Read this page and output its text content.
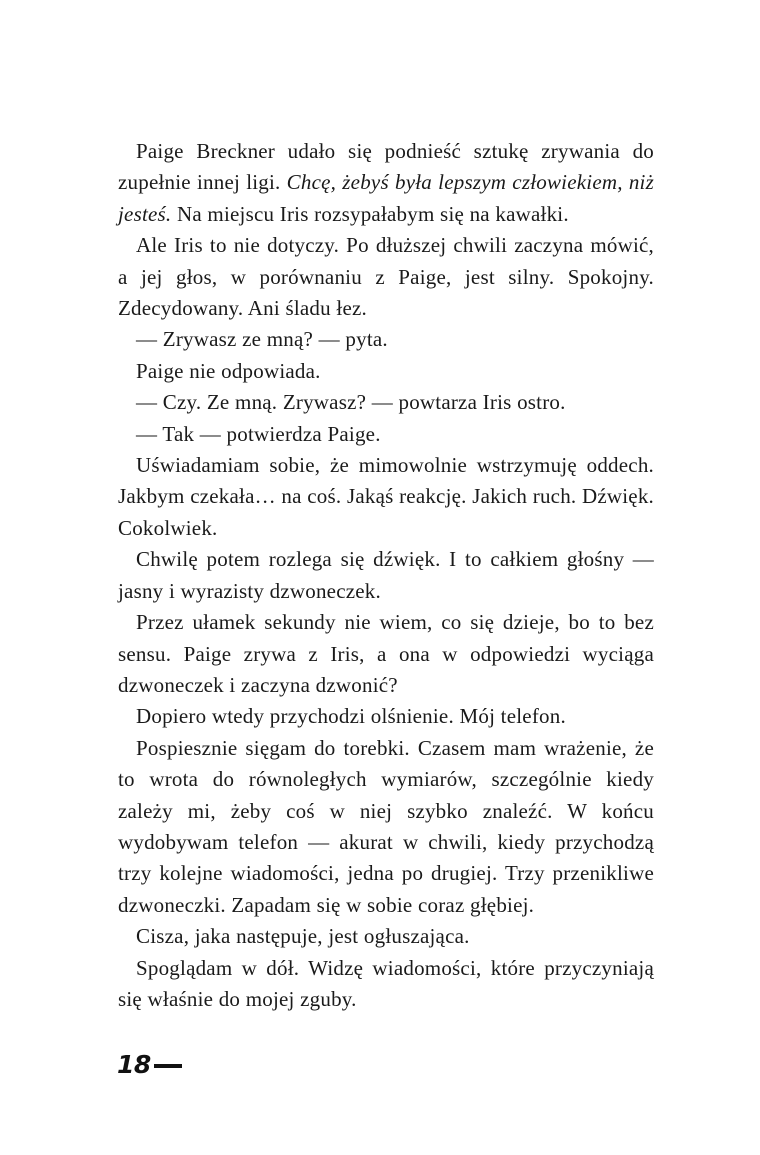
Paige Breckner udało się podnieść sztukę zrywania do zupełnie innej ligi. Chcę, żebyś była lepszym człowiekiem, niż jesteś. Na miejscu Iris rozsypałabym się na kawałki.

Ale Iris to nie dotyczy. Po dłuższej chwili zaczyna mówić, a jej głos, w porównaniu z Paige, jest silny. Spokojny. Zdecydowany. Ani śladu łez.

— Zrywasz ze mną? — pyta.

Paige nie odpowiada.

— Czy. Ze mną. Zrywasz? — powtarza Iris ostro.

— Tak — potwierdza Paige.

Uświadamiam sobie, że mimowolnie wstrzymuję oddech. Jakbym czekała… na coś. Jakąś reakcję. Jakich ruch. Dźwięk. Cokolwiek.

Chwilę potem rozlega się dźwięk. I to całkiem głośny — jasny i wyrazisty dzwoneczek.

Przez ułamek sekundy nie wiem, co się dzieje, bo to bez sensu. Paige zrywa z Iris, a ona w odpowiedzi wyciąga dzwoneczek i zaczyna dzwonić?

Dopiero wtedy przychodzi olśnienie. Mój telefon.

Pospiesznie sięgam do torebki. Czasem mam wrażenie, że to wrota do równoległych wymiarów, szczególnie kiedy zależy mi, żeby coś w niej szybko znaleźć. W końcu wydobywam telefon — akurat w chwili, kiedy przychodzą trzy kolejne wiadomości, jedna po drugiej. Trzy przenikliwe dzwoneczki. Zapadam się w sobie coraz głębiej.

Cisza, jaka następuje, jest ogłuszająca.

Spoglądam w dół. Widzę wiadomości, które przyczyniają się właśnie do mojej zguby.

18
